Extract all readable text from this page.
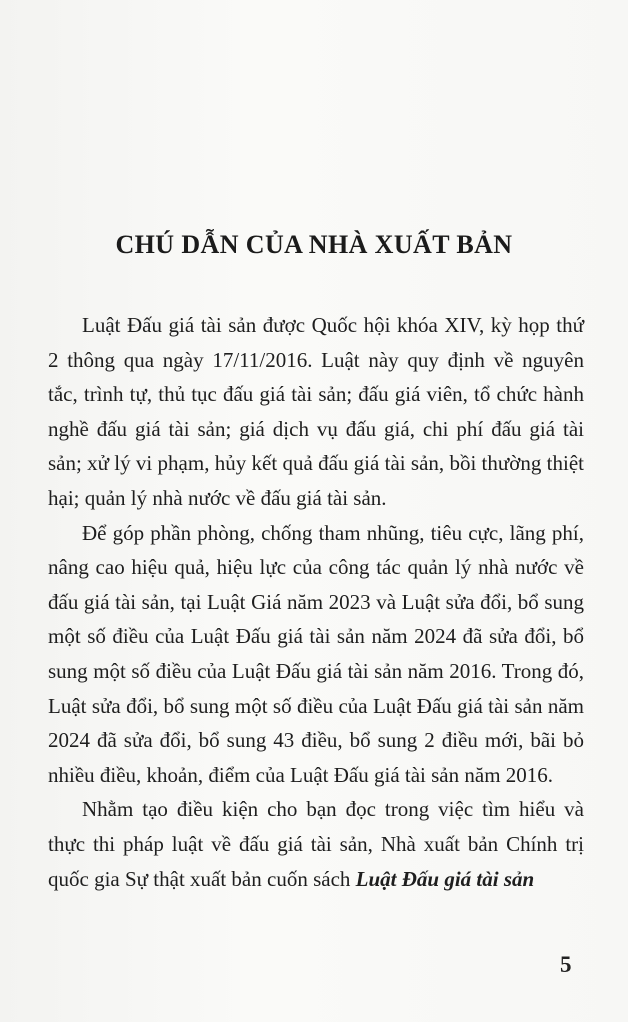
CHÚ DẪN CỦA NHÀ XUẤT BẢN

Luật Đấu giá tài sản được Quốc hội khóa XIV, kỳ họp thứ 2 thông qua ngày 17/11/2016. Luật này quy định về nguyên tắc, trình tự, thủ tục đấu giá tài sản; đấu giá viên, tổ chức hành nghề đấu giá tài sản; giá dịch vụ đấu giá, chi phí đấu giá tài sản; xử lý vi phạm, hủy kết quả đấu giá tài sản, bồi thường thiệt hại; quản lý nhà nước về đấu giá tài sản.

Để góp phần phòng, chống tham nhũng, tiêu cực, lãng phí, nâng cao hiệu quả, hiệu lực của công tác quản lý nhà nước về đấu giá tài sản, tại Luật Giá năm 2023 và Luật sửa đổi, bổ sung một số điều của Luật Đấu giá tài sản năm 2024 đã sửa đổi, bổ sung một số điều của Luật Đấu giá tài sản năm 2016. Trong đó, Luật sửa đổi, bổ sung một số điều của Luật Đấu giá tài sản năm 2024 đã sửa đổi, bổ sung 43 điều, bổ sung 2 điều mới, bãi bỏ nhiều điều, khoản, điểm của Luật Đấu giá tài sản năm 2016.

Nhằm tạo điều kiện cho bạn đọc trong việc tìm hiểu và thực thi pháp luật về đấu giá tài sản, Nhà xuất bản Chính trị quốc gia Sự thật xuất bản cuốn sách Luật Đấu giá tài sản

5
